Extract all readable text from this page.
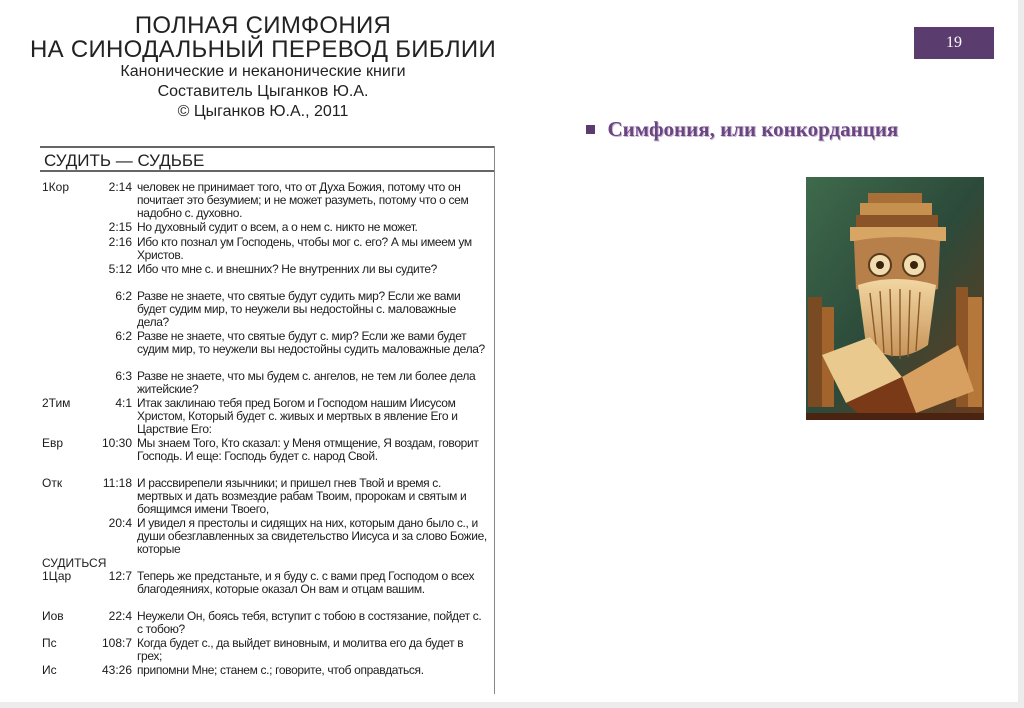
ПОЛНАЯ СИМФОНИЯ
НА СИНОДАЛЬНЫЙ ПЕРЕВОД БИБЛИИ
Канонические и неканонические книги
Составитель Цыганков Ю.А.
© Цыганков Ю.А., 2011
СУДИТЬ — СУДЬБЕ
1Кор	2:14 человек не принимает того, что от Духа Божия, потому что он почитает это безумием; и не может разуметь, потому что о сем надобно с. духовно.
2:15 Но духовный судит о всем, а о нем с. никто не может.
2:16 Ибо кто познал ум Господень, чтобы мог с. его? А мы имеем ум Христов.
5:12 Ибо что мне с. и внешних? Не внутренних ли вы судите?
6:2 Разве не знаете, что святые будут судить мир? Если же вами будет судим мир, то неужели вы недостойны с. маловажные дела?
6:2 Разве не знаете, что святые будут с. мир? Если же вами будет судим мир, то неужели вы недостойны судить маловажные дела?
6:3 Разве не знаете, что мы будем с. ангелов, не тем ли более дела житейские?
2Тим	4:1 Итак заклинаю тебя пред Богом и Господом нашим Иисусом Христом, Который будет с. живых и мертвых в явление Его и Царствие Его:
Евр	10:30 Мы знаем Того, Кто сказал: у Меня отмщение, Я воздам, говорит Господь. И еще: Господь будет с. народ Свой.
Отк	11:18 И рассвирепели язычники; и пришел гнев Твой и время с. мертвых и дать возмездие рабам Твоим, пророкам и святым и боящимся имени Твоего,
20:4 И увидел я престолы и сидящих на них, которым дано было с., и души обезглавленных за свидетельство Иисуса и за слово Божие, которые
СУДИТЬСЯ
1Цар	12:7 Теперь же предстаньте, и я буду с. с вами пред Господом о всех благодеяниях, которые оказал Он вам и отцам вашим.
Иов	22:4 Неужели Он, боясь тебя, вступит с тобою в состязание, пойдет с. с тобою?
Пс	108:7 Когда будет с., да выйдет виновным, и молитва его да будет в грех;
Ис	43:26 припомни Мне; станем с.; говорите, чтоб оправдаться.
19
Симфония, или конкорданция
